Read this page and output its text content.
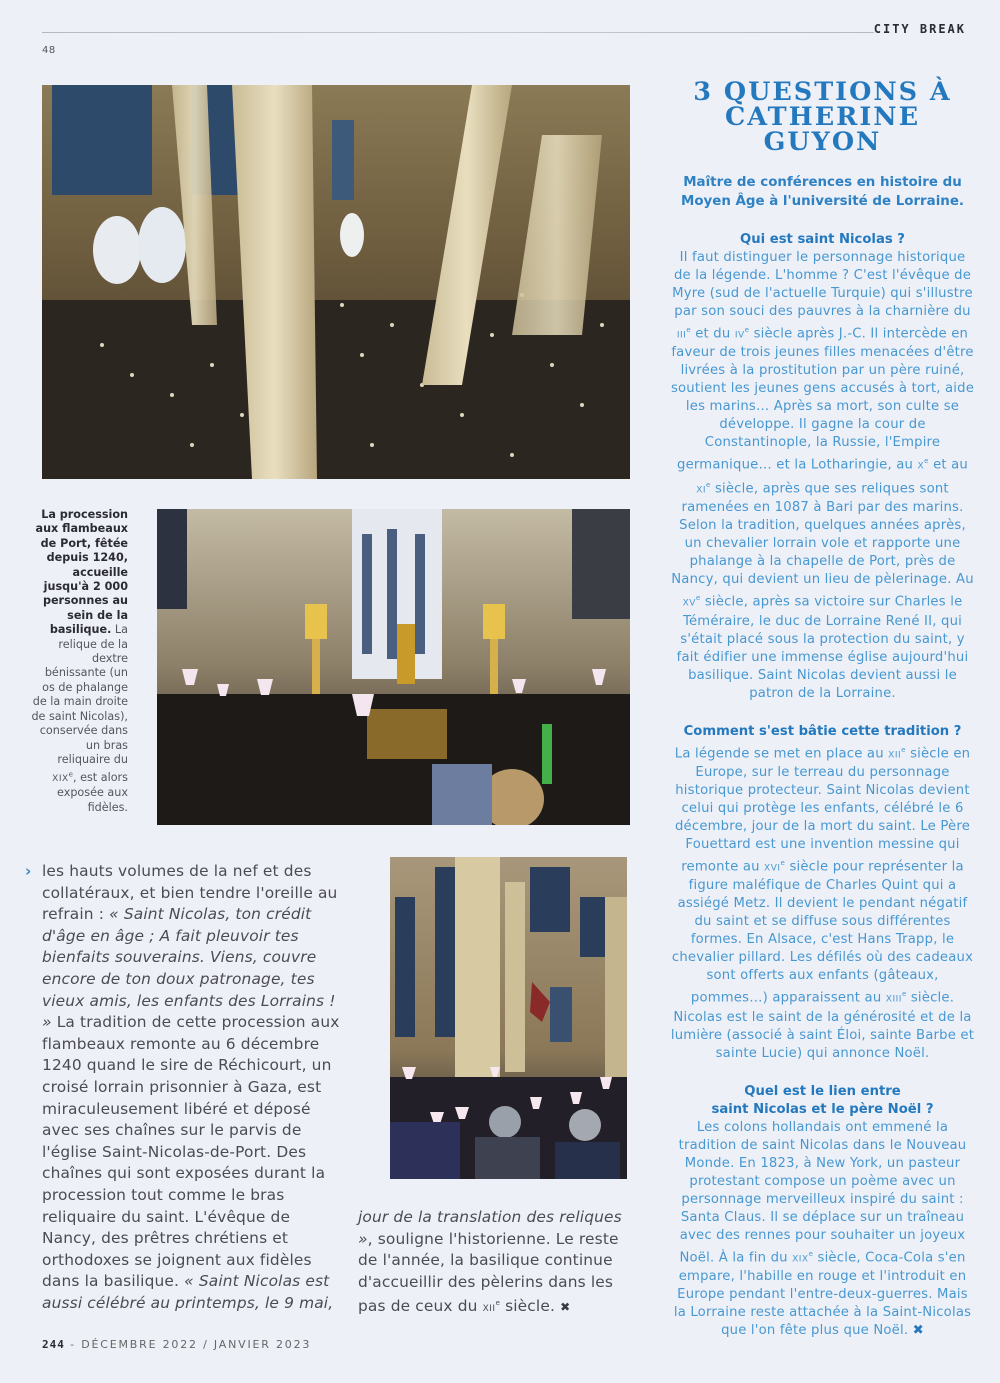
CITY BREAK
48
La procession aux flambeaux de Port, fêtée depuis 1240, accueille jusqu'à 2 000 personnes au sein de la basilique. La relique de la dextre bénissante (un os de phalange de la main droite de saint Nicolas), conservée dans un bras reliquaire du XIXe, est alors exposée aux fidèles.
› les hauts volumes de la nef et des collatéraux, et bien tendre l'oreille au refrain : « Saint Nicolas, ton crédit d'âge en âge ; A fait pleuvoir tes bienfaits souverains. Viens, couvre encore de ton doux patronage, tes vieux amis, les enfants des Lorrains ! » La tradition de cette procession aux flambeaux remonte au 6 décembre 1240 quand le sire de Réchicourt, un croisé lorrain prisonnier à Gaza, est miraculeusement libéré et déposé avec ses chaînes sur le parvis de l'église Saint-Nicolas-de-Port. Des chaînes qui sont exposées durant la procession tout comme le bras reliquaire du saint. L'évêque de Nancy, des prêtres chrétiens et orthodoxes se joignent aux fidèles dans la basilique. « Saint Nicolas est aussi célébré au printemps, le 9 mai,
jour de la translation des reliques », souligne l'historienne. Le reste de l'année, la basilique continue d'accueillir des pèlerins dans les pas de ceux du XIIe siècle. ✖
3 QUESTIONS À
CATHERINE
GUYON
Maître de conférences en histoire du Moyen Âge à l'université de Lorraine.
Qui est saint Nicolas ?
Il faut distinguer le personnage historique de la légende. L'homme ? C'est l'évêque de Myre (sud de l'actuelle Turquie) qui s'illustre par son souci des pauvres à la charnière du IIIe et du IVe siècle après J.-C. Il intercède en faveur de trois jeunes filles menacées d'être livrées à la prostitution par un père ruiné, soutient les jeunes gens accusés à tort, aide les marins… Après sa mort, son culte se développe. Il gagne la cour de Constantinople, la Russie, l'Empire germanique… et la Lotharingie, au Xe et au XIe siècle, après que ses reliques sont ramenées en 1087 à Bari par des marins. Selon la tradition, quelques années après, un chevalier lorrain vole et rapporte une phalange à la chapelle de Port, près de Nancy, qui devient un lieu de pèlerinage. Au XVe siècle, après sa victoire sur Charles le Téméraire, le duc de Lorraine René II, qui s'était placé sous la protection du saint, y fait édifier une immense église aujourd'hui basilique. Saint Nicolas devient aussi le patron de la Lorraine.
Comment s'est bâtie cette tradition ?
La légende se met en place au XIIe siècle en Europe, sur le terreau du personnage historique protecteur. Saint Nicolas devient celui qui protège les enfants, célébré le 6 décembre, jour de la mort du saint. Le Père Fouettard est une invention messine qui remonte au XVIe siècle pour représenter la figure maléfique de Charles Quint qui a assiégé Metz. Il devient le pendant négatif du saint et se diffuse sous différentes formes. En Alsace, c'est Hans Trapp, le chevalier pillard. Les défilés où des cadeaux sont offerts aux enfants (gâteaux, pommes…) apparaissent au XIIIe siècle. Nicolas est le saint de la générosité et de la lumière (associé à saint Éloi, sainte Barbe et sainte Lucie) qui annonce Noël.
Quel est le lien entre
saint Nicolas et le père Noël ?
Les colons hollandais ont emmené la tradition de saint Nicolas dans le Nouveau Monde. En 1823, à New York, un pasteur protestant compose un poème avec un personnage merveilleux inspiré du saint : Santa Claus. Il se déplace sur un traîneau avec des rennes pour souhaiter un joyeux Noël. À la fin du XIXe siècle, Coca-Cola s'en empare, l'habille en rouge et l'introduit en Europe pendant l'entre-deux-guerres. Mais la Lorraine reste attachée à la Saint-Nicolas que l'on fête plus que Noël. ✖
244 - DÉCEMBRE 2022 / JANVIER 2023
